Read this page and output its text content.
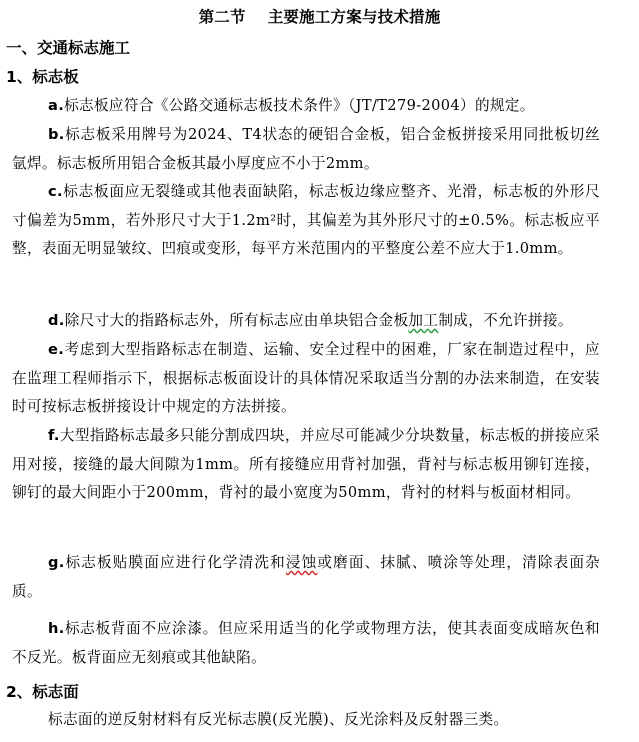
第二节 主要施工方案与技术措施
一、交通标志施工
1、标志板

a.标志板应符合《公路交通标志板技术条件》（JT/T279-2004）的规定。

b.标志板采用牌号为2024、T4状态的硬铝合金板，铝合金板拼接采用同批板切丝氩焊。标志板所用铝合金板其最小厚度应不小于2mm。

c.标志板面应无裂缝或其他表面缺陷，标志板边缘应整齐、光滑，标志板的外形尺寸偏差为5mm，若外形尺寸大于1.2m²时，其偏差为其外形尺寸的±0.5%。标志板应平整，表面无明显皱纹、凹痕或变形，每平方米范围内的平整度公差不应大于1.0mm。

d.除尺寸大的指路标志外，所有标志应由单块铝合金板加工制成，不允许拼接。

e.考虑到大型指路标志在制造、运输、安全过程中的困难，厂家在制造过程中，应在监理工程师指示下，根据标志板面设计的具体情况采取适当分割的办法来制造，在安装时可按标志板拼接设计中规定的方法拼接。

f.大型指路标志最多只能分割成四块，并应尽可能减少分块数量，标志板的拼接应采用对接，接缝的最大间隙为1mm。所有接缝应用背衬加强，背衬与标志板用铆钉连接，铆钉的最大间距小于200mm，背衬的最小宽度为50mm，背衬的材料与板面材相同。

g.标志板贴膜面应进行化学清洗和浸蚀或磨面、抹腻、喷涂等处理，清除表面杂质。

h.标志板背面不应涂漆。但应采用适当的化学或物理方法，使其表面变成暗灰色和不反光。板背面应无刻痕或其他缺陷。

2、标志面

标志面的逆反射材料有反光标志膜(反光膜)、反光涂料及反射器三类。
